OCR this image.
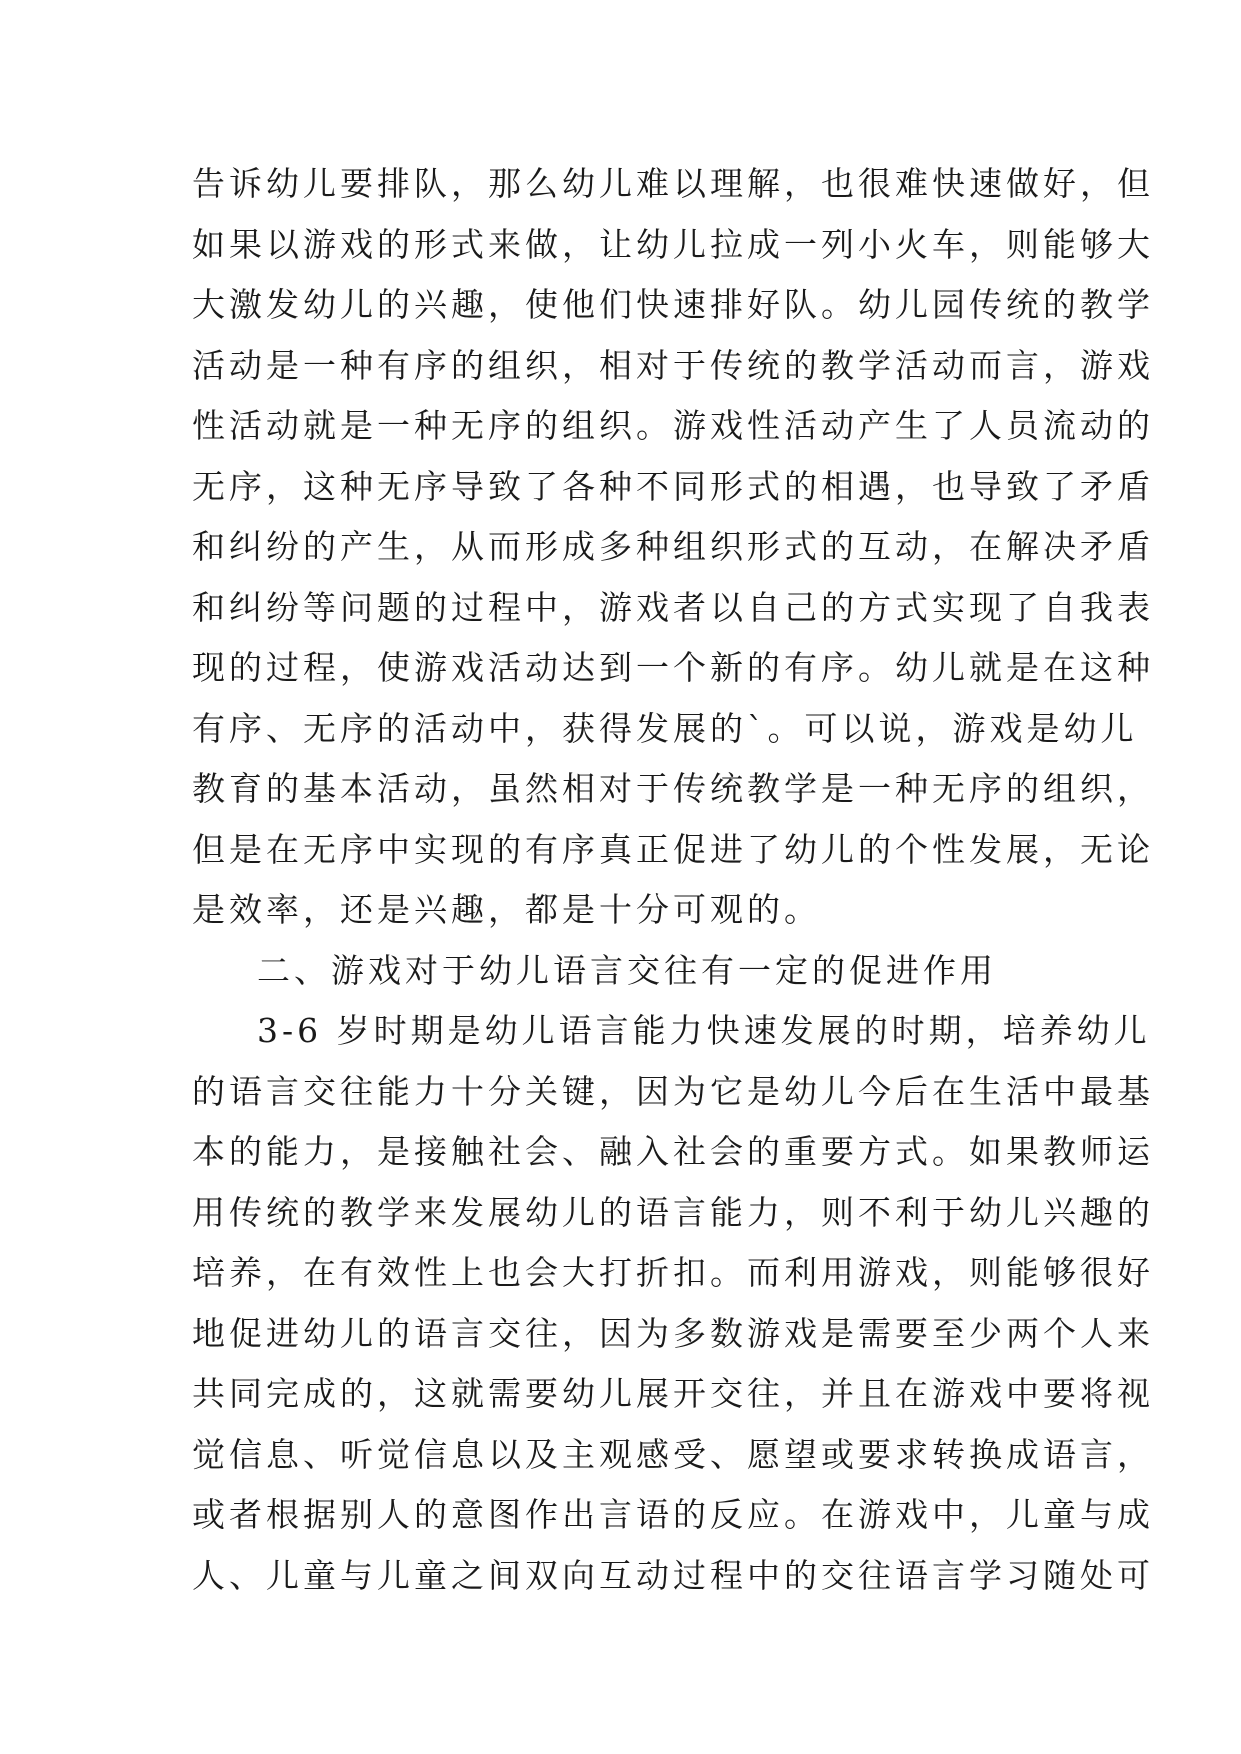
告诉幼儿要排队，那么幼儿难以理解，也很难快速做好，但
如果以游戏的形式来做，让幼儿拉成一列小火车，则能够大
大激发幼儿的兴趣，使他们快速排好队。幼儿园传统的教学
活动是一种有序的组织，相对于传统的教学活动而言，游戏
性活动就是一种无序的组织。游戏性活动产生了人员流动的
无序，这种无序导致了各种不同形式的相遇，也导致了矛盾
和纠纷的产生，从而形成多种组织形式的互动，在解决矛盾
和纠纷等问题的过程中，游戏者以自己的方式实现了自我表
现的过程，使游戏活动达到一个新的有序。幼儿就是在这种
有序、无序的活动中，获得发展的`。可以说，游戏是幼儿
教育的基本活动，虽然相对于传统教学是一种无序的组织，
但是在无序中实现的有序真正促进了幼儿的个性发展，无论
是效率，还是兴趣，都是十分可观的。
二、游戏对于幼儿语言交往有一定的促进作用
3-6 岁时期是幼儿语言能力快速发展的时期，培养幼儿
的语言交往能力十分关键，因为它是幼儿今后在生活中最基
本的能力，是接触社会、融入社会的重要方式。如果教师运
用传统的教学来发展幼儿的语言能力，则不利于幼儿兴趣的
培养，在有效性上也会大打折扣。而利用游戏，则能够很好
地促进幼儿的语言交往，因为多数游戏是需要至少两个人来
共同完成的，这就需要幼儿展开交往，并且在游戏中要将视
觉信息、听觉信息以及主观感受、愿望或要求转换成语言，
或者根据别人的意图作出言语的反应。在游戏中，儿童与成
人、儿童与儿童之间双向互动过程中的交往语言学习随处可
